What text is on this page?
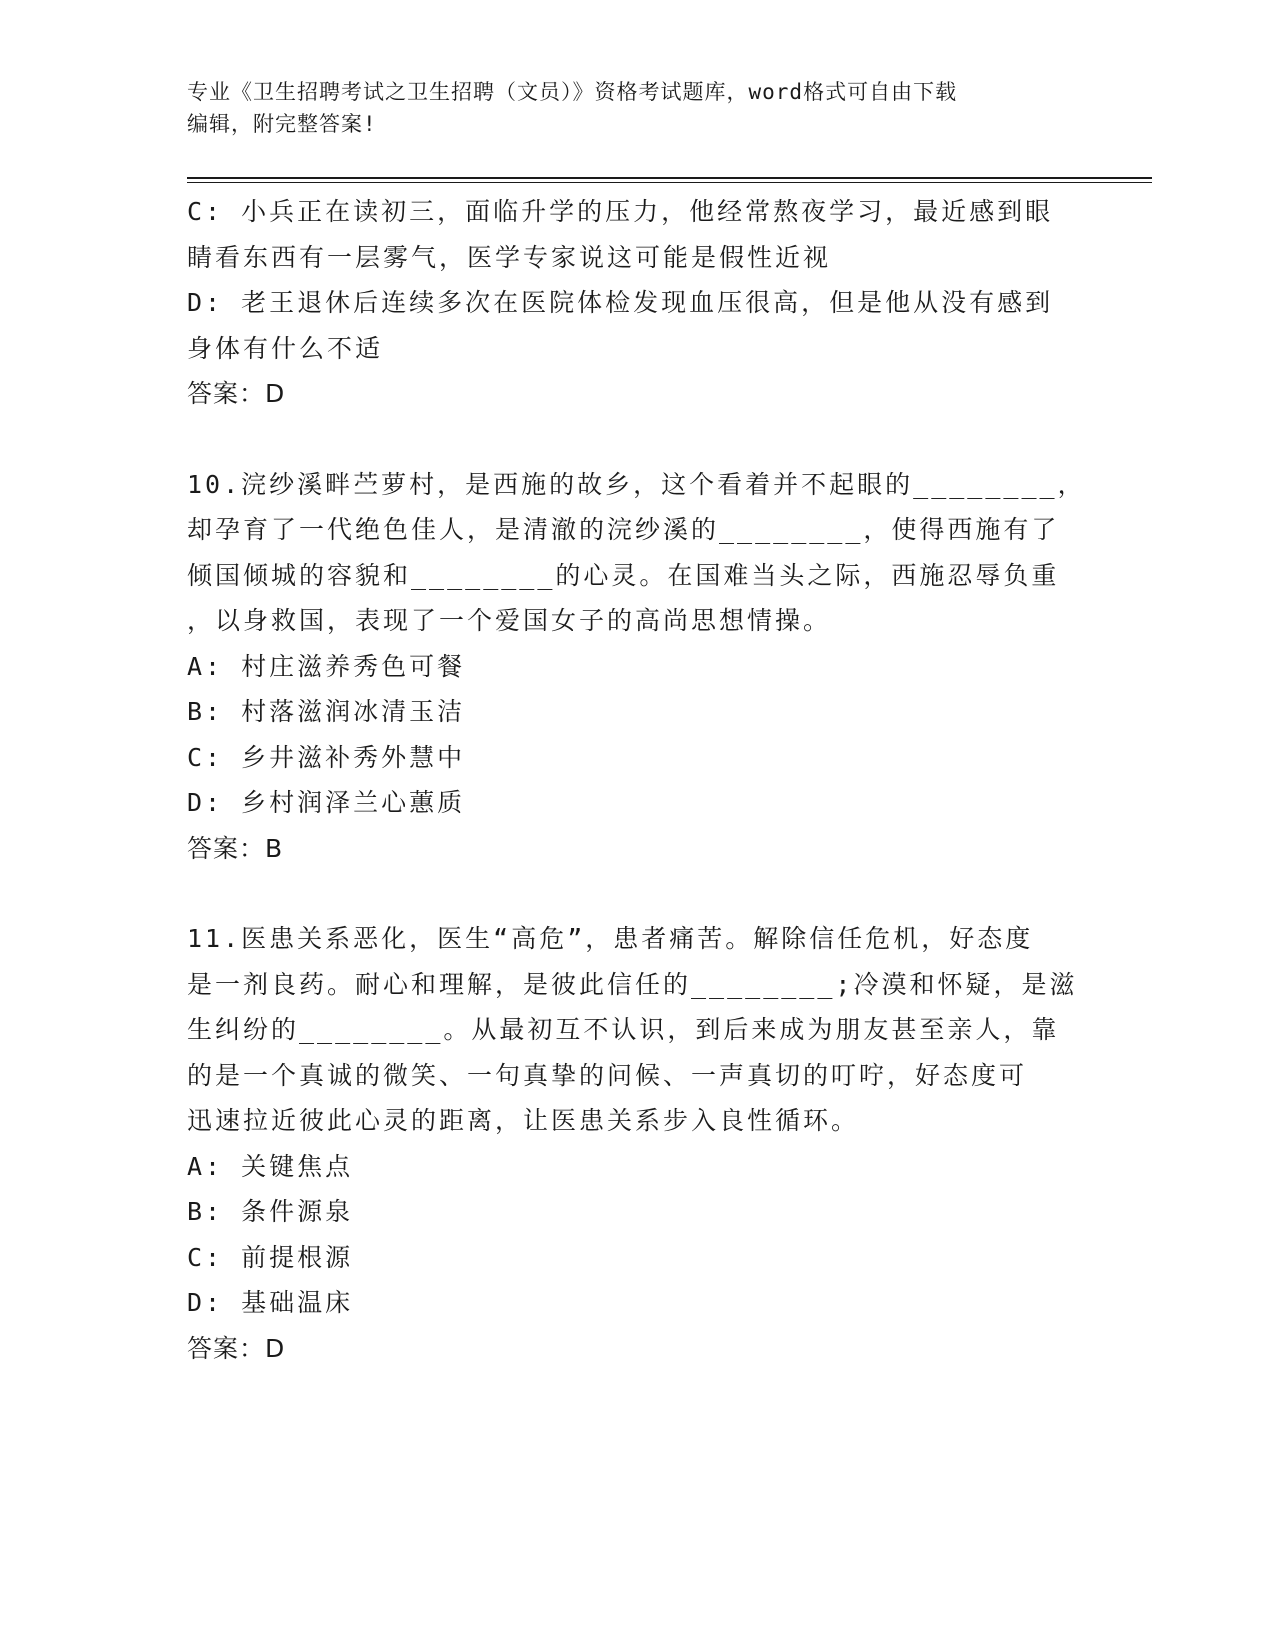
专业《卫生招聘考试之卫生招聘（文员）》资格考试题库，word格式可自由下载
编辑，附完整答案!
C: 小兵正在读初三，面临升学的压力，他经常熬夜学习，最近感到眼
睛看东西有一层雾气，医学专家说这可能是假性近视
D: 老王退休后连续多次在医院体检发现血压很高，但是他从没有感到
身体有什么不适
答案：D
10.浣纱溪畔苎萝村，是西施的故乡，这个看着并不起眼的________，
却孕育了一代绝色佳人，是清澈的浣纱溪的________，使得西施有了
倾国倾城的容貌和________的心灵。在国难当头之际，西施忍辱负重
，以身救国，表现了一个爱国女子的高尚思想情操。
A: 村庄滋养秀色可餐
B: 村落滋润冰清玉洁
C: 乡井滋补秀外慧中
D: 乡村润泽兰心蕙质
答案：B
11.医患关系恶化，医生“高危”，患者痛苦。解除信任危机，好态度
是一剂良药。耐心和理解，是彼此信任的________;冷漠和怀疑，是滋
生纠纷的________。从最初互不认识，到后来成为朋友甚至亲人，靠
的是一个真诚的微笑、一句真挚的问候、一声真切的叮咛，好态度可
迅速拉近彼此心灵的距离，让医患关系步入良性循环。
A: 关键焦点
B: 条件源泉
C: 前提根源
D: 基础温床
答案：D
